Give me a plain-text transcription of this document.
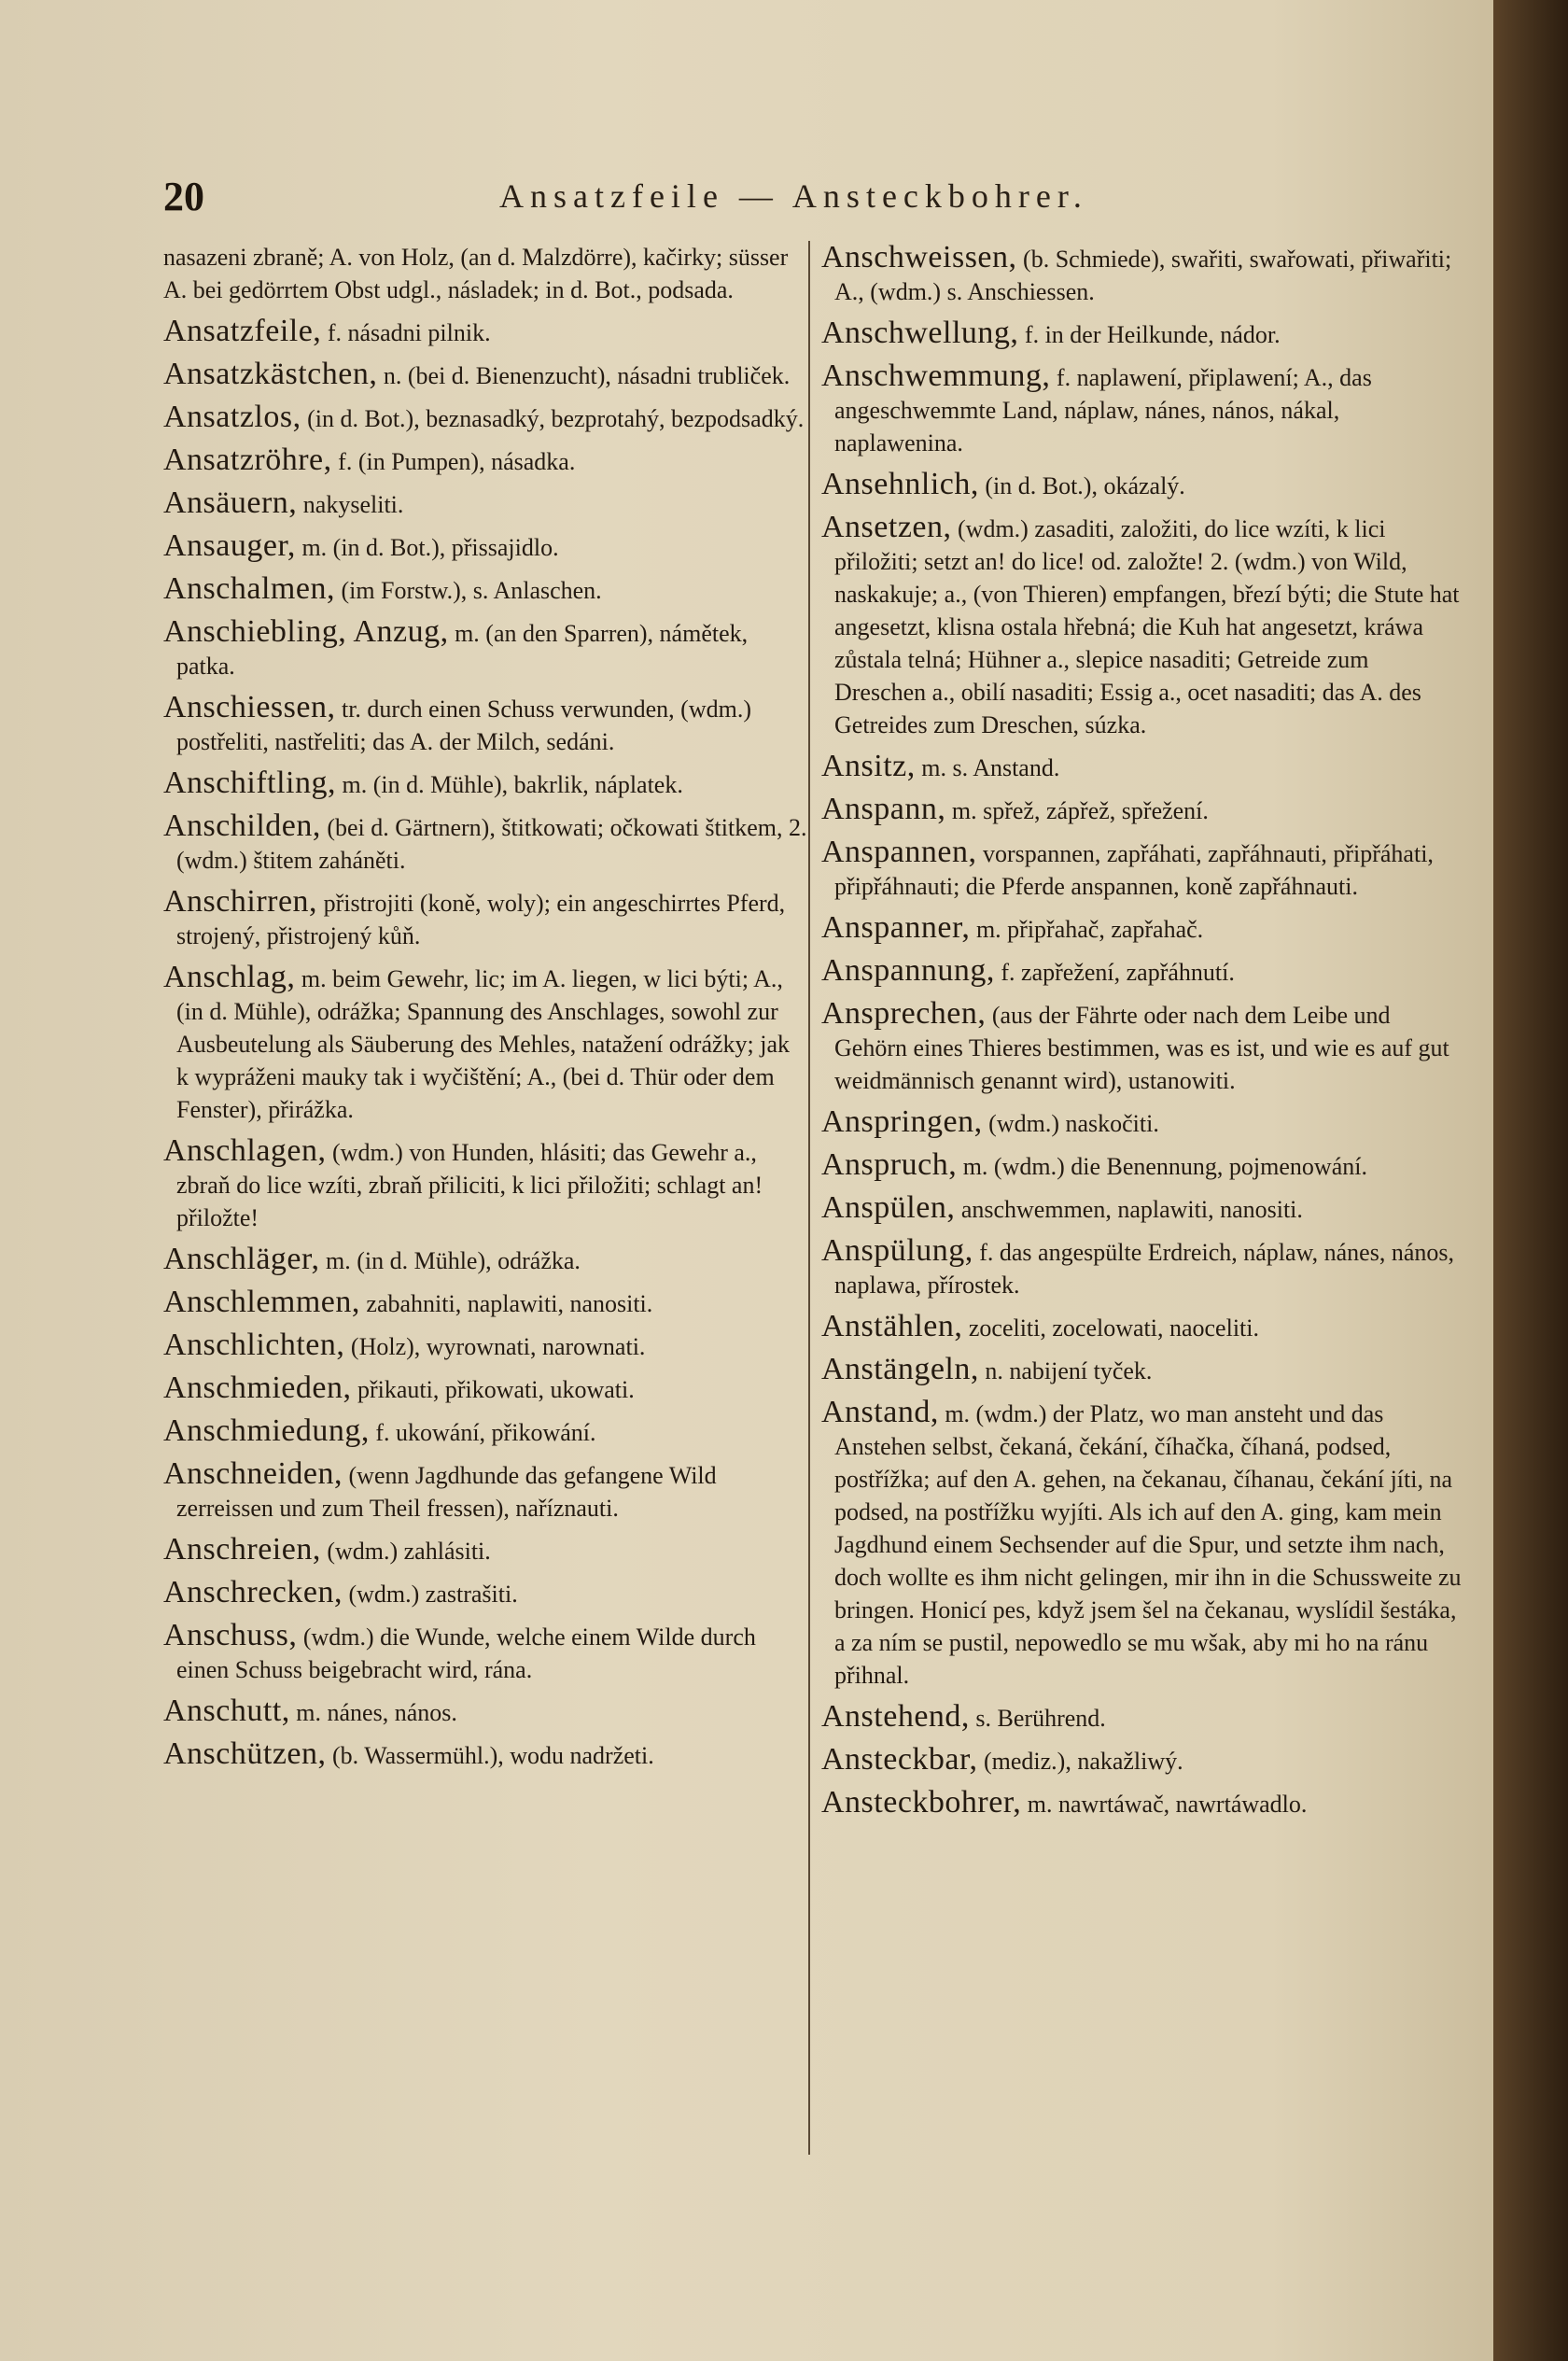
20	Ansatzfeile — Ansteckbohrer.

nasazeni zbraně; A. von Holz, (an d. Malzdörre), kačirky; süsser A. bei gedörrtem Obst udgl., násladek; in d. Bot., podsada.

Ansatzfeile, f. násadni pilnik.

Ansatzkästchen, n. (bei d. Bienenzucht), násadni trubliček.

Ansatzlos, (in d. Bot.), beznasadký, bezprotahý, bezpodsadký.

Ansatzröhre, f. (in Pumpen), násadka.

Ansäuern, nakyseliti.

Ansauger, m. (in d. Bot.), přissajidlo.

Anschalmen, (im Forstw.), s. Anlaschen.

Anschiebling, Anzug, m. (an den Sparren), námětek, patka.

Anschiessen, tr. durch einen Schuss verwunden, (wdm.) postřeliti, nastřeliti; das A. der Milch, sedáni.

Anschiftling, m. (in d. Mühle), bakrlik, náplatek.

Anschilden, (bei d. Gärtnern), štitkowati; očkowati štitkem, 2. (wdm.) štitem zaháněti.

Anschirren, přistrojiti (koně, woly); ein angeschirrtes Pferd, strojený, přistrojený kůň.

Anschlag, m. beim Gewehr, lic; im A. liegen, w lici býti; A., (in d. Mühle), odrážka; Spannung des Anschlages, sowohl zur Ausbeutelung als Säuberung des Mehles, natažení odrážky; jak k wypráženi mauky tak i wyčištění; A., (bei d. Thür oder dem Fenster), přirážka.

Anschlagen, (wdm.) von Hunden, hlásiti; das Gewehr a., zbraň do lice wzíti, zbraň přiliciti, k lici přiložiti; schlagt an! přiložte!

Anschläger, m. (in d. Mühle), odrážka.

Anschlemmen, zabahniti, naplawiti, nanositi.

Anschlichten, (Holz), wyrownati, narownati.

Anschmieden, přikauti, přikowati, ukowati.

Anschmiedung, f. ukowání, přikowání.

Anschneiden, (wenn Jagdhunde das gefangene Wild zerreissen und zum Theil fressen), naříznauti.

Anschreien, (wdm.) zahlásiti.

Anschrecken, (wdm.) zastrašiti.

Anschuss, (wdm.) die Wunde, welche einem Wilde durch einen Schuss beigebracht wird, rána.

Anschutt, m. nánes, nános.

Anschützen, (b. Wassermühl.), wodu nadržeti.

Anschweissen, (b. Schmiede), swařiti, swařowati, přiwařiti; A., (wdm.) s. Anschiessen.

Anschwellung, f. in der Heilkunde, nádor.

Anschwemmung, f. naplawení, připlawení; A., das angeschwemmte Land, náplaw, nánes, nános, nákal, naplawenina.

Ansehnlich, (in d. Bot.), okázalý.

Ansetzen, (wdm.) zasaditi, založiti, do lice wzíti, k lici přiložiti; setzt an! do lice! od. založte! 2. (wdm.) von Wild, naskakuje; a., (von Thieren) empfangen, březí býti; die Stute hat angesetzt, klisna ostala hřebná; die Kuh hat angesetzt, kráwa zůstala telná; Hühner a., slepice nasaditi; Getreide zum Dreschen a., obilí nasaditi; Essig a., ocet nasaditi; das A. des Getreides zum Dreschen, súzka.

Ansitz, m. s. Anstand.

Anspann, m. spřež, zápřež, spřežení.

Anspannen, vorspannen, zapřáhati, zapřáhnauti, připřáhati, připřáhnauti; die Pferde anspannen, koně zapřáhnauti.

Anspanner, m. připřahač, zapřahač.

Anspannung, f. zapřežení, zapřáhnutí.

Ansprechen, (aus der Fährte oder nach dem Leibe und Gehörn eines Thieres bestimmen, was es ist, und wie es auf gut weidmännisch genannt wird), ustanowiti.

Anspringen, (wdm.) naskočiti.

Anspruch, m. (wdm.) die Benennung, pojmenowání.

Anspülen, anschwemmen, naplawiti, nanositi.

Anspülung, f. das angespülte Erdreich, náplaw, nánes, nános, naplawa, přírostek.

Anstählen, zoceliti, zocelowati, naoceliti.

Anstängeln, n. nabijení tyček.

Anstand, m. (wdm.) der Platz, wo man ansteht und das Anstehen selbst, čekaná, čekání, číhačka, číhaná, podsed, postřížka; auf den A. gehen, na čekanau, číhanau, čekání jíti, na podsed, na postřížku wyjíti. Als ich auf den A. ging, kam mein Jagdhund einem Sechsender auf die Spur, und setzte ihm nach, doch wollte es ihm nicht gelingen, mir ihn in die Schussweite zu bringen. Honicí pes, když jsem šel na čekanau, wyslídil šestáka, a za ním se pustil, nepowedlo se mu wšak, aby mi ho na ránu přihnal.

Anstehend, s. Berührend.

Ansteckbar, (mediz.), nakažliwý.

Ansteckbohrer, m. nawrtáwač, nawrtáwadlo.
